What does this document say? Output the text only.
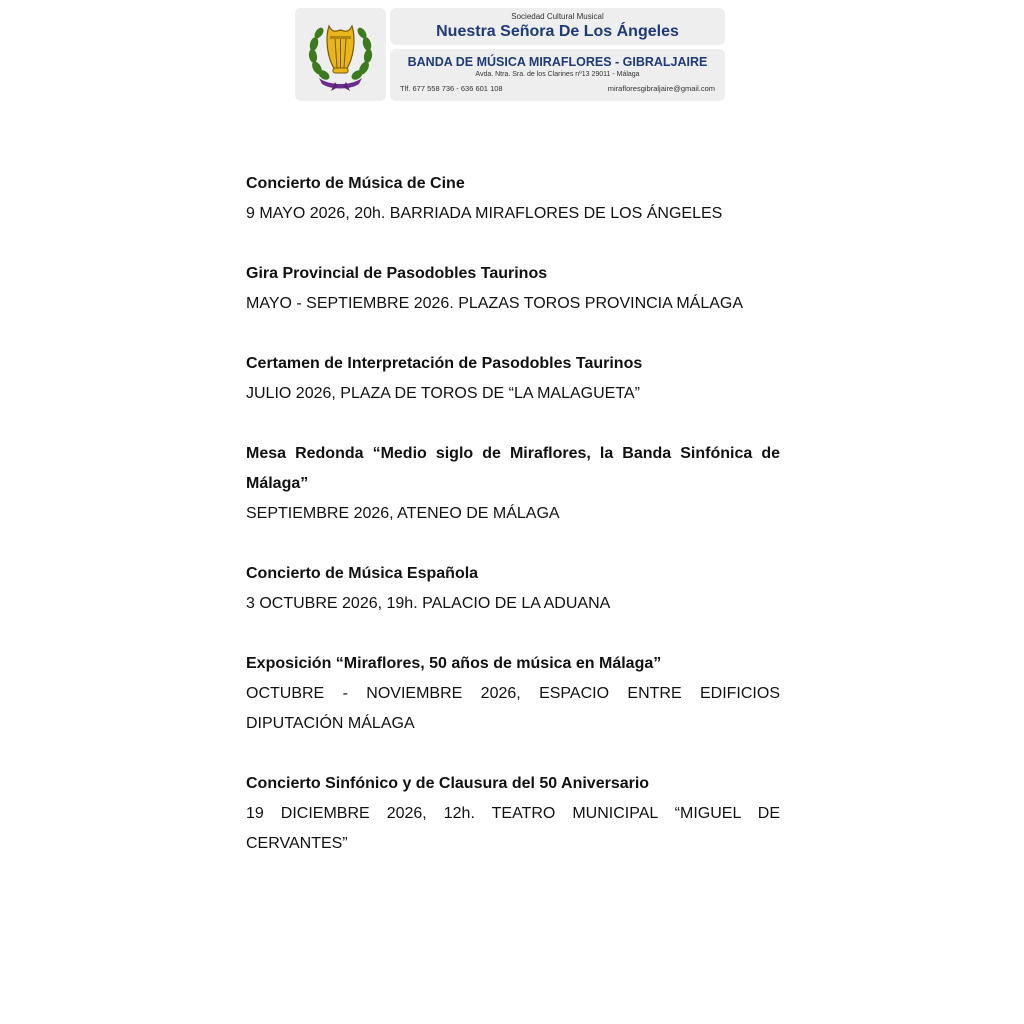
Sociedad Cultural Musical
Nuestra Señora De Los Ángeles
BANDA DE MÚSICA MIRAFLORES - GIBRALJAIRE
Avda. Ntra. Sra. de los Clarines nº13 29011 - Málaga
Tlf. 677 558 736 - 636 601 108	mirafloresgibraljaire@gmail.com
Concierto de Música de Cine
9 MAYO 2026, 20h. BARRIADA MIRAFLORES DE LOS ÁNGELES
Gira Provincial de Pasodobles Taurinos
MAYO - SEPTIEMBRE 2026. PLAZAS TOROS PROVINCIA MÁLAGA
Certamen de Interpretación de Pasodobles Taurinos
JULIO 2026, PLAZA DE TOROS DE “LA MALAGUETA”
Mesa Redonda “Medio siglo de Miraflores, la Banda Sinfónica de Málaga”
SEPTIEMBRE 2026, ATENEO DE MÁLAGA
Concierto de Música Española
3 OCTUBRE 2026, 19h. PALACIO DE LA ADUANA
Exposición “Miraflores, 50 años de música en Málaga”
OCTUBRE - NOVIEMBRE 2026, ESPACIO ENTRE EDIFICIOS DIPUTACIÓN MÁLAGA
Concierto Sinfónico y de Clausura del 50 Aniversario
19 DICIEMBRE 2026, 12h. TEATRO MUNICIPAL “MIGUEL DE CERVANTES”
